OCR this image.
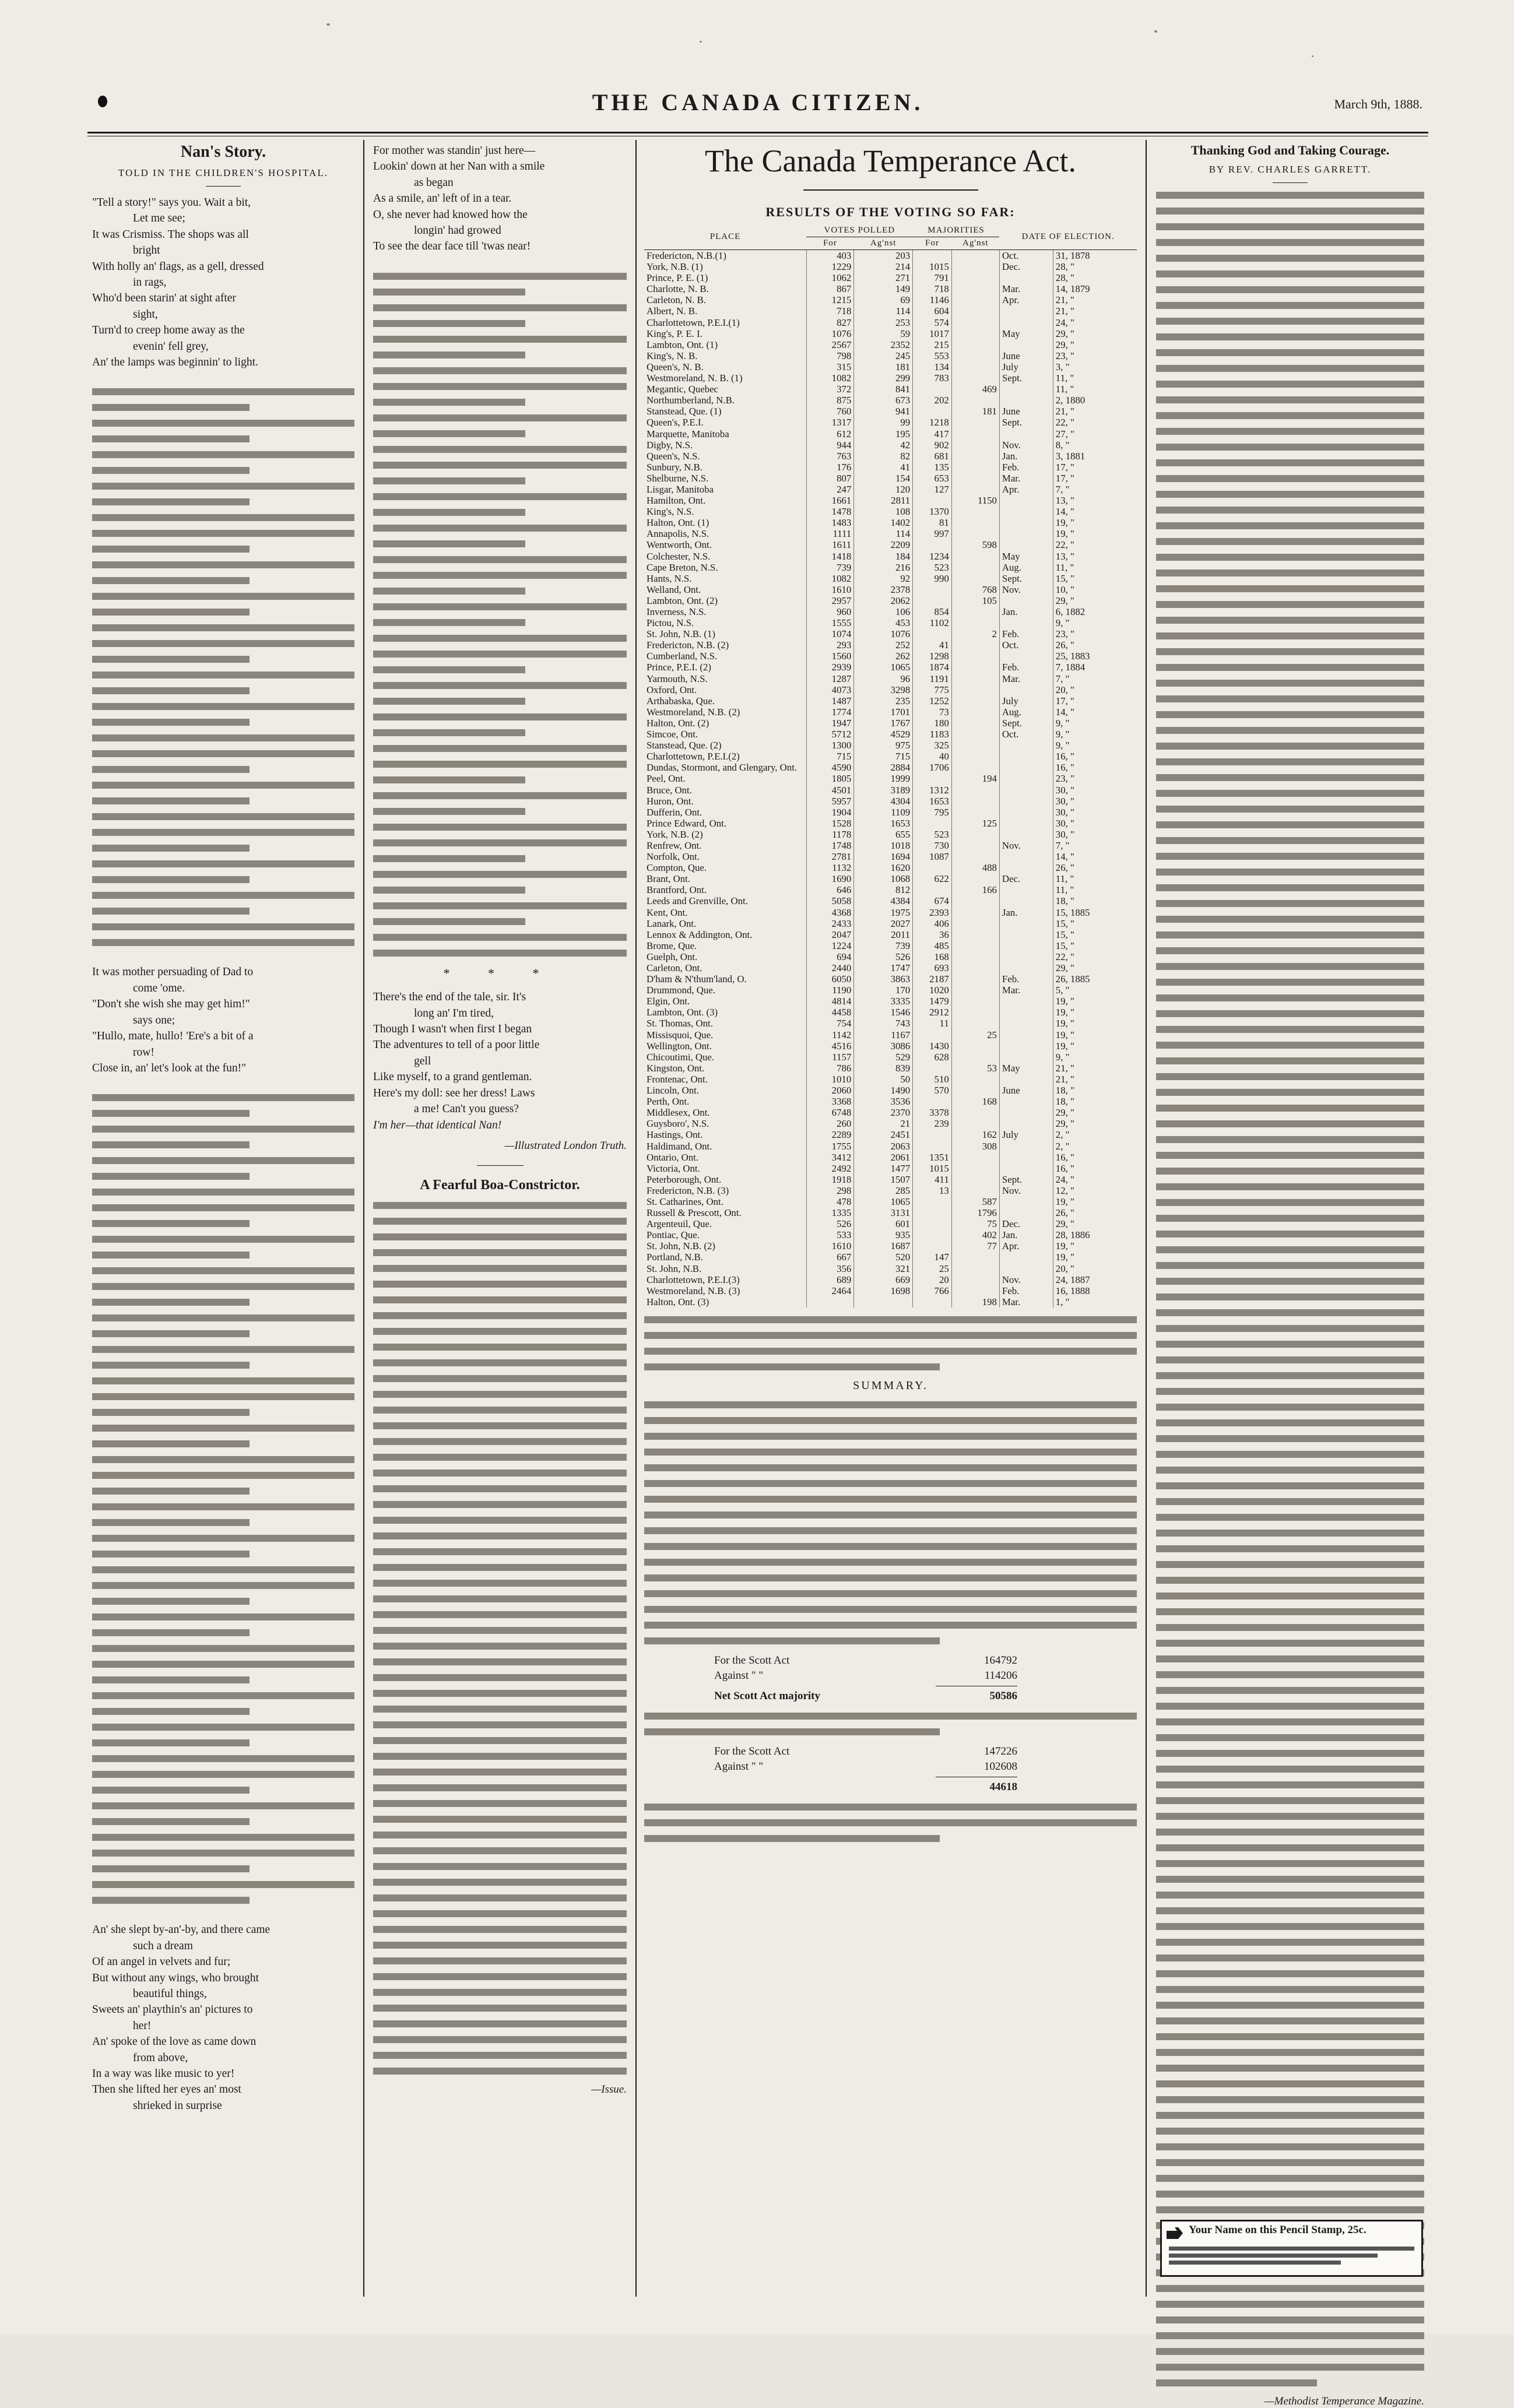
THE CANADA CITIZEN.	March 9th, 1888.
Nan's Story.
TOLD IN THE CHILDREN'S HOSPITAL.

"Tell a story!" says you. Wait a bit,

Let me see;

It was Crismiss. The shops was all

bright

With holly an' flags, as a gell, dressed

in rags,

Who'd been starin' at sight after

sight,

Turn'd to creep home away as the

evenin' fell grey,

An' the lamps was beginnin' to light.

It was mother persuading of Dad to

come 'ome.

"Don't she wish she may get him!"

says one;

"Hullo, mate, hullo! 'Ere's a bit of a

row!

Close in, an' let's look at the fun!"

An' she slept by-an'-by, and there came

such a dream

Of an angel in velvets and fur;

But without any wings, who brought

beautiful things,

Sweets an' playthin's an' pictures to

her!

An' spoke of the love as came down

from above,

In a way was like music to yer!

Then she lifted her eyes an' most

shrieked in surprise

For mother was standin' just here—

Lookin' down at her Nan with a smile

as began

As a smile, an' left of in a tear.

O, she never had knowed how the

longin' had growed

To see the dear face till 'twas near!

* * *

There's the end of the tale, sir. It's

long an' I'm tired,

Though I wasn't when first I began

The adventures to tell of a poor little

gell

Like myself, to a grand gentleman.

Here's my doll: see her dress! Laws

a me! Can't you guess?

I'm her—that identical Nan!

—Illustrated London Truth.
A Fearful Boa-Constrictor.
—Issue.
The Canada Temperance Act.
RESULTS OF THE VOTING SO FAR:
PLACE	VOTES POLLED		MAJORITIES		DATE OF ELECTION.	
	For	Ag'nst	For	Ag'nst		
Fredericton, N.B.(1)	403	203			Oct.	31, 1878
York, N.B. (1)	1229	214	1015		Dec.	28, "
Prince, P. E. (1)	1062	271	791			28, "
Charlotte, N. B.	867	149	718		Mar.	14, 1879
Carleton, N. B.	1215	69	1146		Apr.	21, "
Albert, N. B.	718	114	604			21, "
Charlottetown, P.E.I.(1)	827	253	574			24, "
King's, P. E. I.	1076	59	1017		May	29, "
Lambton, Ont. (1)	2567	2352	215			29, "
King's, N. B.	798	245	553		June	23, "
Queen's, N. B.	315	181	134		July	3, "
Westmoreland, N. B. (1)	1082	299	783		Sept.	11, "
Megantic, Quebec	372	841		469		11, "
Northumberland, N.B.	875	673	202			2, 1880
Stanstead, Que. (1)	760	941		181	June	21, "
Queen's, P.E.I.	1317	99	1218		Sept.	22, "
Marquette, Manitoba	612	195	417			27, "
Digby, N.S.	944	42	902		Nov.	8, "
Queen's, N.S.	763	82	681		Jan.	3, 1881
Sunbury, N.B.	176	41	135		Feb.	17, "
Shelburne, N.S.	807	154	653		Mar.	17, "
Lisgar, Manitoba	247	120	127		Apr.	7, "
Hamilton, Ont.	1661	2811		1150		13, "
King's, N.S.	1478	108	1370			14, "
Halton, Ont. (1)	1483	1402	81			19, "
Annapolis, N.S.	1111	114	997			19, "
Wentworth, Ont.	1611	2209		598		22, "
Colchester, N.S.	1418	184	1234		May	13, "
Cape Breton, N.S.	739	216	523		Aug.	11, "
Hants, N.S.	1082	92	990		Sept.	15, "
Welland, Ont.	1610	2378		768	Nov.	10, "
Lambton, Ont. (2)	2957	2062		105		29, "
Inverness, N.S.	960	106	854		Jan.	6, 1882
Pictou, N.S.	1555	453	1102			9, "
St. John, N.B. (1)	1074	1076		2	Feb.	23, "
Fredericton, N.B. (2)	293	252	41		Oct.	26, "
Cumberland, N.S.	1560	262	1298			25, 1883
Prince, P.E.I. (2)	2939	1065	1874		Feb.	7, 1884
Yarmouth, N.S.	1287	96	1191		Mar.	7, "
Oxford, Ont.	4073	3298	775			20, "
Arthabaska, Que.	1487	235	1252		July	17, "
Westmoreland, N.B. (2)	1774	1701	73		Aug.	14, "
Halton, Ont. (2)	1947	1767	180		Sept.	9, "
Simcoe, Ont.	5712	4529	1183		Oct.	9, "
Stanstead, Que. (2)	1300	975	325			9, "
Charlottetown, P.E.I.(2)	715	715	40			16, "
Dundas, Stormont, and Glengary, Ont.	4590	2884	1706			16, "
Peel, Ont.	1805	1999		194		23, "
Bruce, Ont.	4501	3189	1312			30, "
Huron, Ont.	5957	4304	1653			30, "
Dufferin, Ont.	1904	1109	795			30, "
Prince Edward, Ont.	1528	1653		125		30, "
York, N.B. (2)	1178	655	523			30, "
Renfrew, Ont.	1748	1018	730		Nov.	7, "
Norfolk, Ont.	2781	1694	1087			14, "
Compton, Que.	1132	1620		488		26, "
Brant, Ont.	1690	1068	622		Dec.	11, "
Brantford, Ont.	646	812		166		11, "
Leeds and Grenville, Ont.	5058	4384	674			18, "
Kent, Ont.	4368	1975	2393		Jan.	15, 1885
Lanark, Ont.	2433	2027	406			15, "
Lennox & Addington, Ont.	2047	2011	36			15, "
Brome, Que.	1224	739	485			15, "
Guelph, Ont.	694	526	168			22, "
Carleton, Ont.	2440	1747	693			29, "
D'ham & N'thum'land, O.	6050	3863	2187		Feb.	26, 1885
Drummond, Que.	1190	170	1020		Mar.	5, "
Elgin, Ont.	4814	3335	1479			19, "
Lambton, Ont. (3)	4458	1546	2912			19, "
St. Thomas, Ont.	754	743	11			19, "
Missisquoi, Que.	1142	1167		25		19, "
Wellington, Ont.	4516	3086	1430			19, "
Chicoutimi, Que.	1157	529	628			9, "
Kingston, Ont.	786	839		53	May	21, "
Frontenac, Ont.	1010	50	510			21, "
Lincoln, Ont.	2060	1490	570		June	18, "
Perth, Ont.	3368	3536		168		18, "
Middlesex, Ont.	6748	2370	3378			29, "
Guysboro', N.S.	260	21	239			29, "
Hastings, Ont.	2289	2451		162	July	2, "
Haldimand, Ont.	1755	2063		308		2, "
Ontario, Ont.	3412	2061	1351			16, "
Victoria, Ont.	2492	1477	1015			16, "
Peterborough, Ont.	1918	1507	411		Sept.	24, "
Fredericton, N.B. (3)	298	285	13		Nov.	12, "
St. Catharines, Ont.	478	1065		587		19, "
Russell & Prescott, Ont.	1335	3131		1796		26, "
Argenteuil, Que.	526	601		75	Dec.	29, "
Pontiac, Que.	533	935		402	Jan.	28, 1886
St. John, N.B. (2)	1610	1687		77	Apr.	19, "
Portland, N.B.	667	520	147			19, "
St. John, N.B.	356	321	25			20, "
Charlottetown, P.E.I.(3)	689	669	20		Nov.	24, 1887
Westmoreland, N.B. (3)	2464	1698	766		Feb.	16, 1888
Halton, Ont. (3)				198	Mar.	1, "
SUMMARY.
For the Scott Act	164792
Against " "	114206
Net Scott Act majority	50586
For the Scott Act	147226
Against " "	102608
44618
Thanking God and Taking Courage.
BY REV. CHARLES GARRETT.
—Methodist Temperance Magazine.
Your Name on this Pencil Stamp, 25c.
